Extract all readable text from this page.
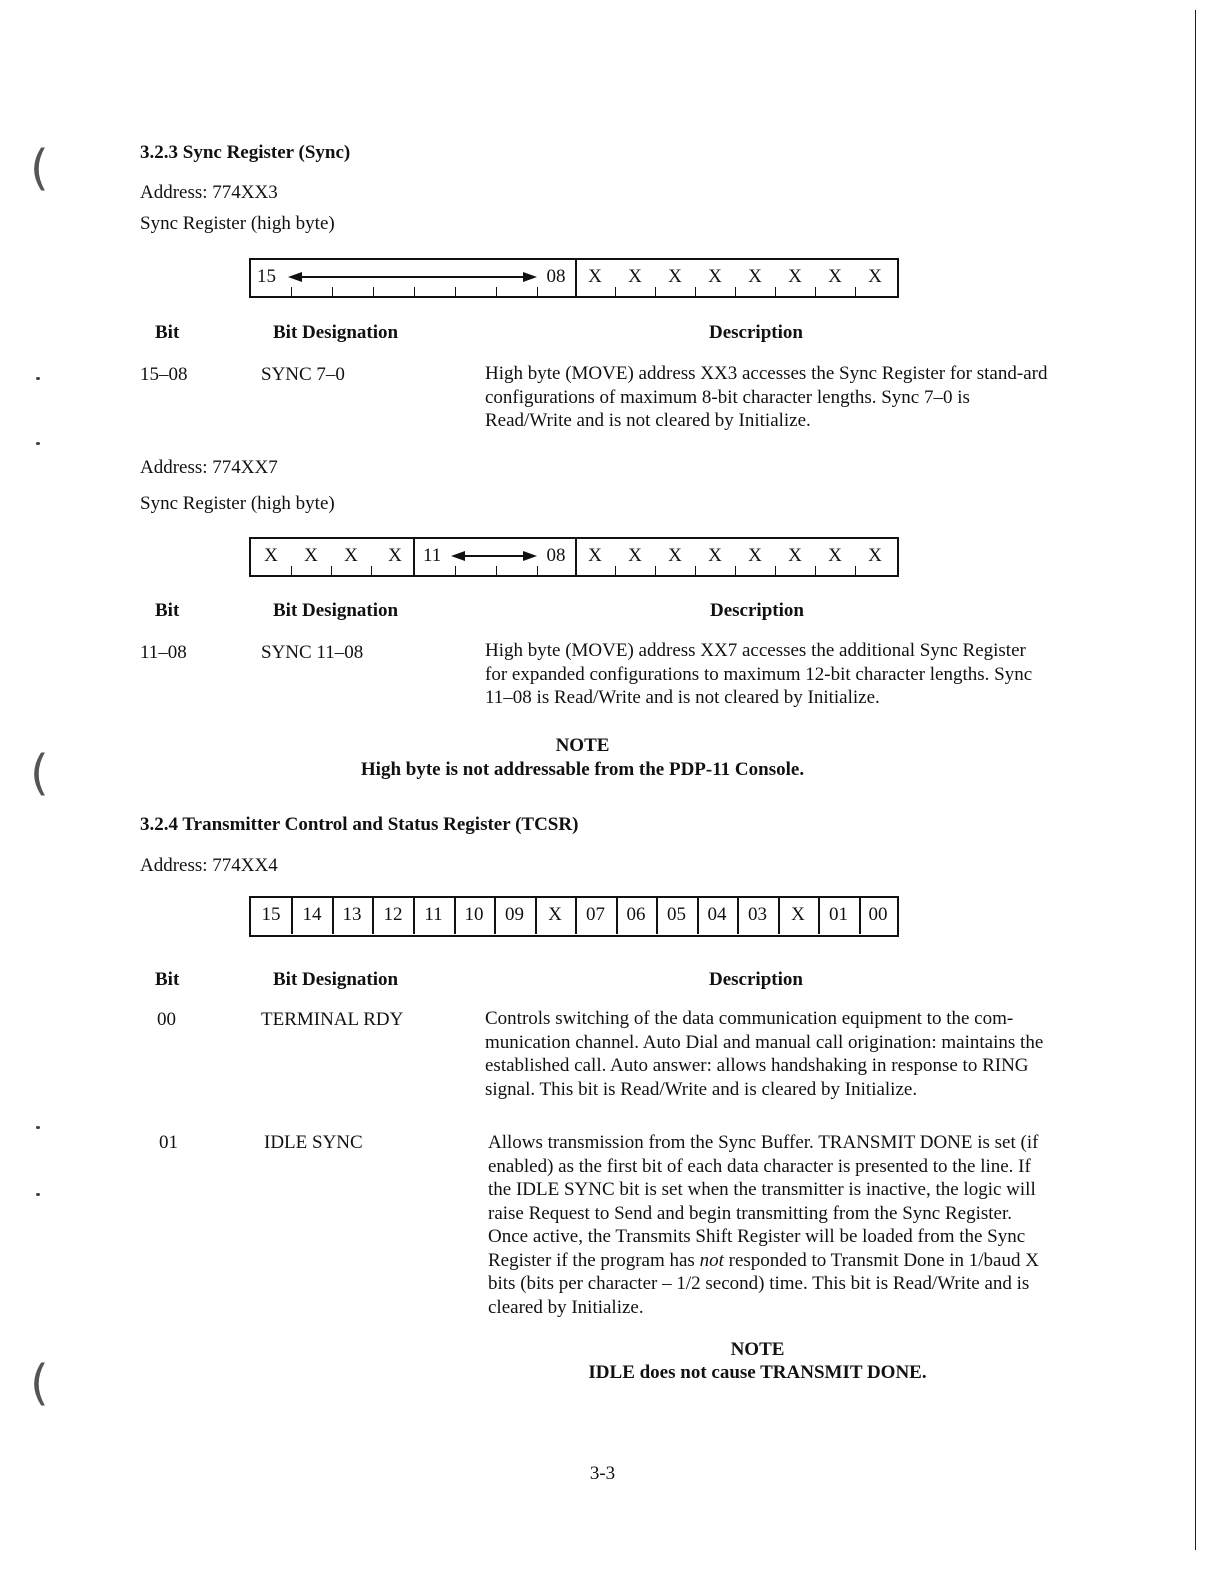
(
(
(
3.2.3 Sync Register (Sync)
Address: 774XX3
Sync Register (high byte)
15	08	X	X	X	X	X	X	X	X
Bit	Bit Designation	Description
15–08	SYNC 7–0	High byte (MOVE) address XX3 accesses the Sync Register for stand-ard configurations of maximum 8-bit character lengths. Sync 7–0 is Read/Write and is not cleared by Initialize.
Address: 774XX7
Sync Register (high byte)
X	X	X	X	11	08	X	X	X	X	X	X	X	X
Bit	Bit Designation	Description
11–08	SYNC 11–08	High byte (MOVE) address XX7 accesses the additional Sync Register for expanded configurations to maximum 12-bit character lengths. Sync 11–08 is Read/Write and is not cleared by Initialize.
NOTE
High byte is not addressable from the PDP-11 Console.
3.2.4 Transmitter Control and Status Register (TCSR)
Address: 774XX4
15	14	13	12	11	10	09	X	07	06	05	04	03	X	01	00
Bit	Bit Designation	Description
00	TERMINAL RDY	Controls switching of the data communication equipment to the com-munication channel. Auto Dial and manual call origination: maintains the established call. Auto answer: allows handshaking in response to RING signal. This bit is Read/Write and is cleared by Initialize.
01	IDLE SYNC	Allows transmission from the Sync Buffer. TRANSMIT DONE is set (if enabled) as the first bit of each data character is presented to the line. If the IDLE SYNC bit is set when the transmitter is inactive, the logic will raise Request to Send and begin transmitting from the Sync Register. Once active, the Transmits Shift Register will be loaded from the Sync Register if the program has not responded to Transmit Done in 1/baud X bits (bits per character – 1/2 second) time. This bit is Read/Write and is cleared by Initialize.
NOTE
IDLE does not cause TRANSMIT DONE.
3-3
